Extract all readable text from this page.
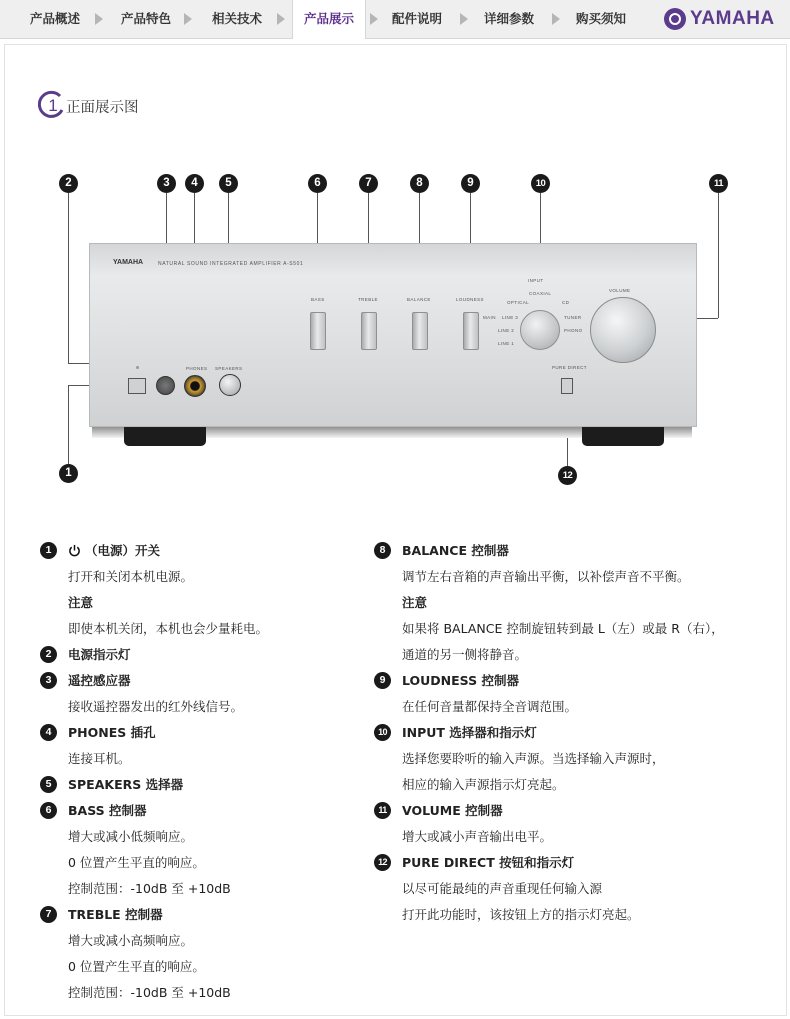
产品概述	产品特色	相关技术	产品展示	配件说明	详细参数	购买须知	YAMAHA
1 正面展示图
2	3	4	5	6	7	8	9	10	11
1	12
YAMAHA	NATURAL SOUND INTEGRATED AMPLIFIER A-S501
PHONES SPEAKERS
BASS	TREBLE	BALANCE	LOUDNESS
INPUT
COAXIAL
OPTICAL	CD
LINE 3	TUNER
MAIN
LINE 2	PHONO
LINE 1
PURE DIRECT
VOLUME
1	（电源）开关
打开和关闭本机电源。
注意
即使本机关闭，本机也会少量耗电。
2	电源指示灯
3	遥控感应器
接收遥控器发出的红外线信号。
4	PHONES 插孔
连接耳机。
5	SPEAKERS 选择器
6	BASS 控制器
增大或减小低频响应。
0 位置产生平直的响应。
控制范围：-10dB 至 +10dB
7	TREBLE 控制器
增大或减小高频响应。
0 位置产生平直的响应。
控制范围：-10dB 至 +10dB
8	BALANCE 控制器
调节左右音箱的声音输出平衡，以补偿声音不平衡。
注意
如果将 BALANCE 控制旋钮转到最 L（左）或最 R（右），
通道的另一侧将静音。
9	LOUDNESS 控制器
在任何音量都保持全音调范围。
10	INPUT 选择器和指示灯
选择您要聆听的输入声源。当选择输入声源时，
相应的输入声源指示灯亮起。
11	VOLUME 控制器
增大或减小声音输出电平。
12	PURE DIRECT 按钮和指示灯
以尽可能最纯的声音重现任何输入源
打开此功能时，该按钮上方的指示灯亮起。
